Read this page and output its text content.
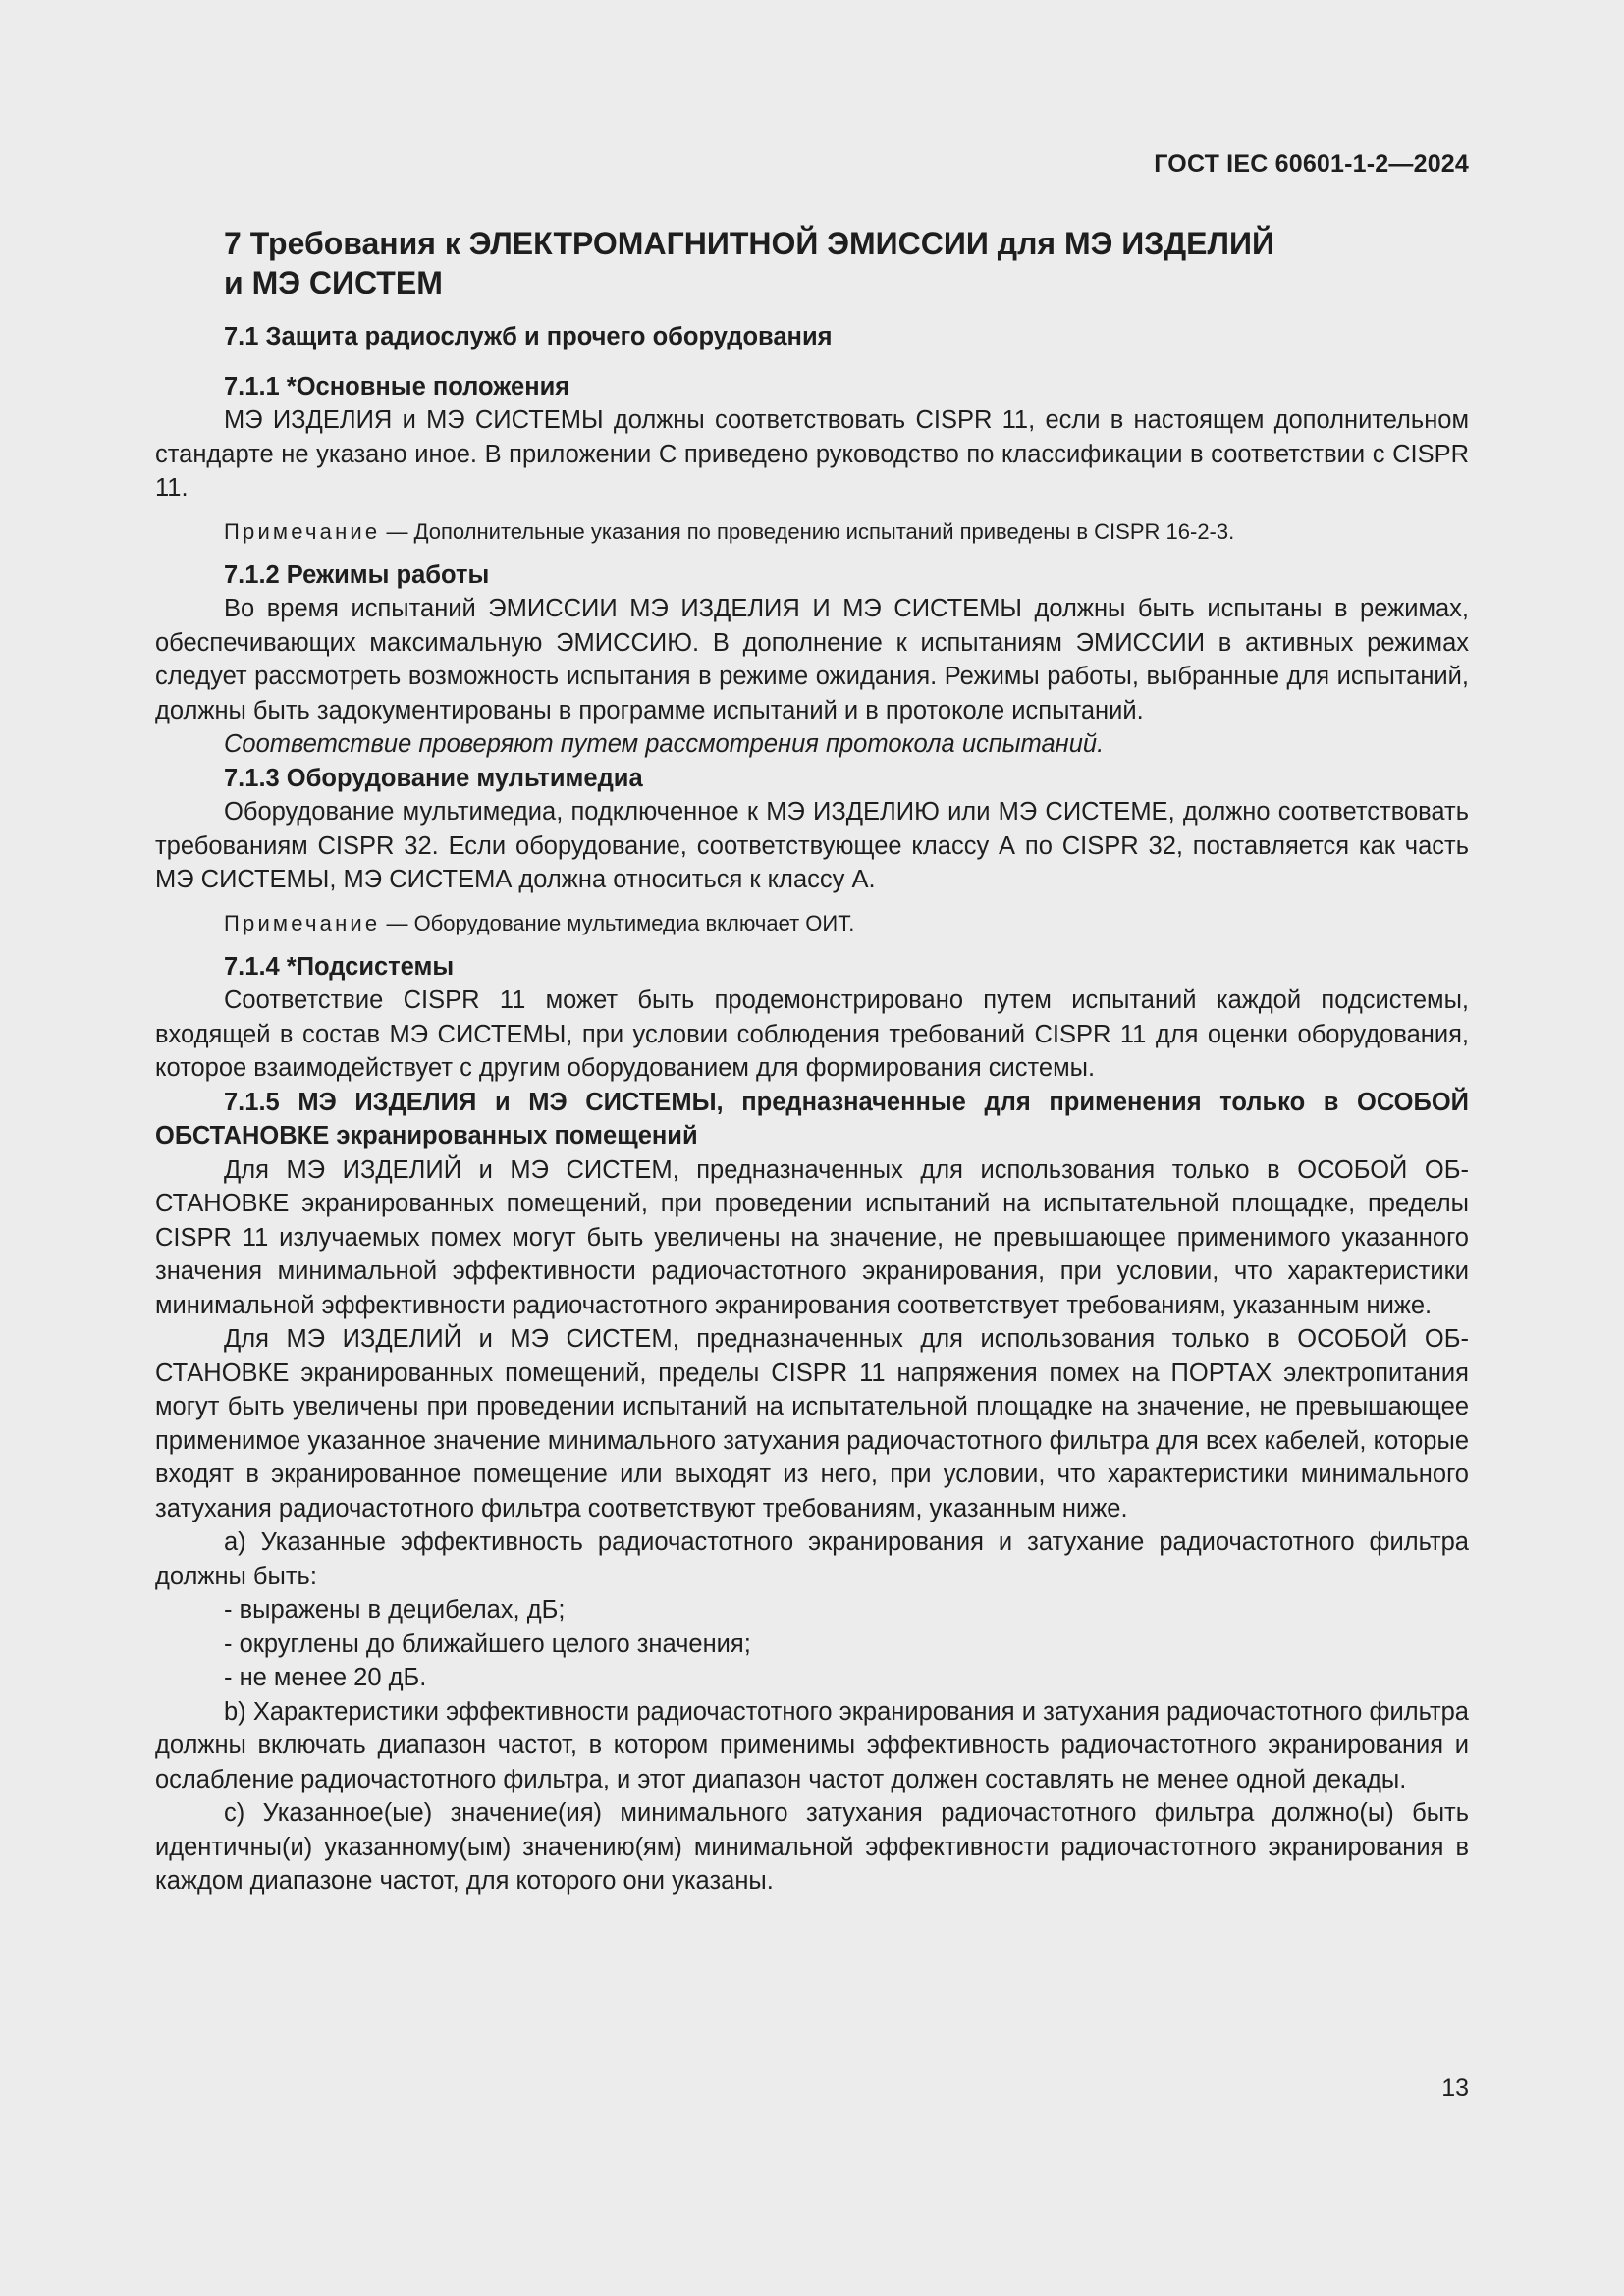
ГОСТ IEC 60601-1-2—2024
7 Требования к ЭЛЕКТРОМАГНИТНОЙ ЭМИССИИ для МЭ ИЗДЕЛИЙ
и МЭ СИСТЕМ
7.1 Защита радиослужб и прочего оборудования
7.1.1 *Основные положения

МЭ ИЗДЕЛИЯ и МЭ СИСТЕМЫ должны соответствовать CISPR 11, если в настоящем дополнительном стандарте не указано иное. В приложении С приведено руководство по классификации в соответствии с CISPR 11.

Примечание — Дополнительные указания по проведению испытаний приведены в CISPR 16-2-3.
7.1.2 Режимы работы

Во время испытаний ЭМИССИИ МЭ ИЗДЕЛИЯ И МЭ СИСТЕМЫ должны быть испытаны в режимах, обеспечивающих максимальную ЭМИССИЮ. В дополнение к испытаниям ЭМИССИИ в активных режимах следует рассмотреть возможность испытания в режиме ожидания. Режимы работы, выбранные для испытаний, должны быть задокументированы в программе испытаний и в протоколе испытаний.

Соответствие проверяют путем рассмотрения протокола испытаний.

7.1.3 Оборудование мультимедиа

Оборудование мультимедиа, подключенное к МЭ ИЗДЕЛИЮ или МЭ СИСТЕМЕ, должно соответствовать требованиям CISPR 32. Если оборудование, соответствующее классу А по CISPR 32, поставляется как часть МЭ СИСТЕМЫ, МЭ СИСТЕМА должна относиться к классу А.

Примечание — Оборудование мультимедиа включает ОИТ.
7.1.4 *Подсистемы

Соответствие CISPR 11 может быть продемонстрировано путем испытаний каждой подсистемы, входящей в состав МЭ СИСТЕМЫ, при условии соблюдения требований CISPR 11 для оценки оборудования, которое взаимодействует с другим оборудованием для формирования системы.

7.1.5 МЭ ИЗДЕЛИЯ и МЭ СИСТЕМЫ, предназначенные для применения только в ОСОБОЙ ОБСТАНОВКЕ экранированных помещений

Для МЭ ИЗДЕЛИЙ и МЭ СИСТЕМ, предназначенных для использования только в ОСОБОЙ ОБСТАНОВКЕ экранированных помещений, при проведении испытаний на испытательной площадке, пределы CISPR 11 излучаемых помех могут быть увеличены на значение, не превышающее применимого указанного значения минимальной эффективности радиочастотного экранирования, при условии, что характеристики минимальной эффективности радиочастотного экранирования соответствует требованиям, указанным ниже.

Для МЭ ИЗДЕЛИЙ и МЭ СИСТЕМ, предназначенных для использования только в ОСОБОЙ ОБСТАНОВКЕ экранированных помещений, пределы CISPR 11 напряжения помех на ПОРТАХ электропитания могут быть увеличены при проведении испытаний на испытательной площадке на значение, не превышающее применимое указанное значение минимального затухания радиочастотного фильтра для всех кабелей, которые входят в экранированное помещение или выходят из него, при условии, что характеристики минимального затухания радиочастотного фильтра соответствуют требованиям, указанным ниже.

а) Указанные эффективность радиочастотного экранирования и затухание радиочастотного фильтра должны быть:

- выражены в децибелах, дБ;
- округлены до ближайшего целого значения;
- не менее 20 дБ.

b) Характеристики эффективности радиочастотного экранирования и затухания радиочастотного фильтра должны включать диапазон частот, в котором применимы эффективность радиочастотного экранирования и ослабление радиочастотного фильтра, и этот диапазон частот должен составлять не менее одной декады.

с) Указанное(ые) значение(ия) минимального затухания радиочастотного фильтра должно(ы) быть идентичны(и) указанному(ым) значению(ям) минимальной эффективности радиочастотного экранирования в каждом диапазоне частот, для которого они указаны.

13
